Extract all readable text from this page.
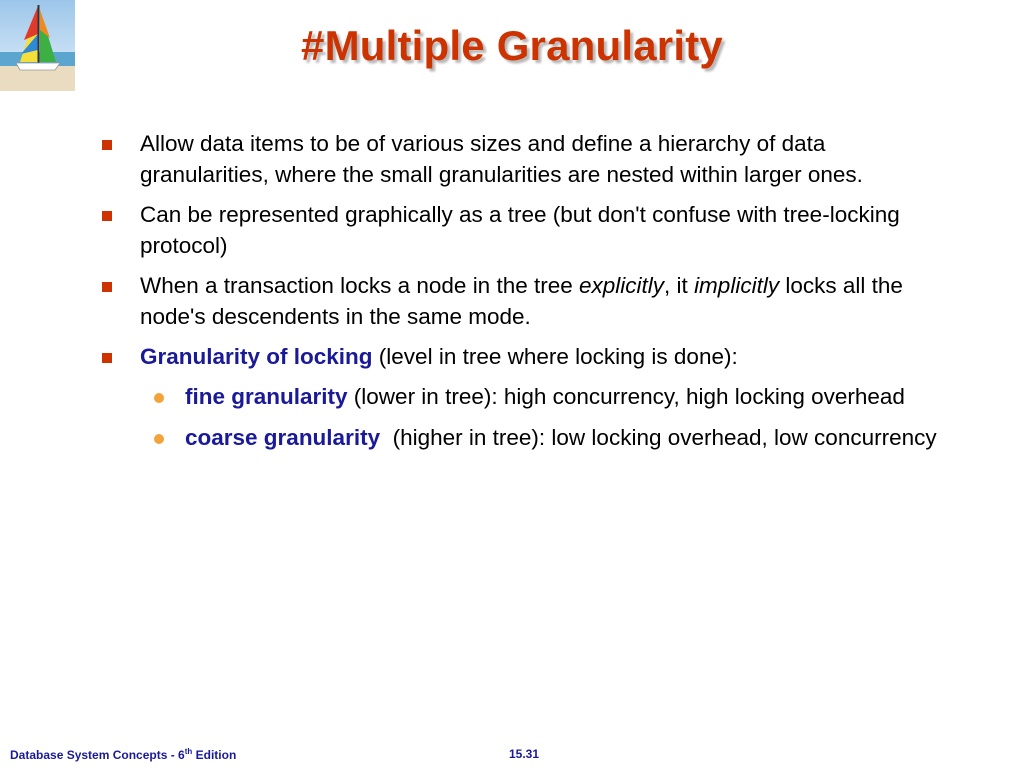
#Multiple Granularity
Allow data items to be of various sizes and define a hierarchy of data granularities, where the small granularities are nested within larger ones.
Can be represented graphically as a tree (but don't confuse with tree-locking protocol)
When a transaction locks a node in the tree explicitly, it implicitly locks all the node's descendents in the same mode.
Granularity of locking (level in tree where locking is done):
fine granularity (lower in tree): high concurrency, high locking overhead
coarse granularity  (higher in tree): low locking overhead, low concurrency
Database System Concepts - 6th Edition	15.31
